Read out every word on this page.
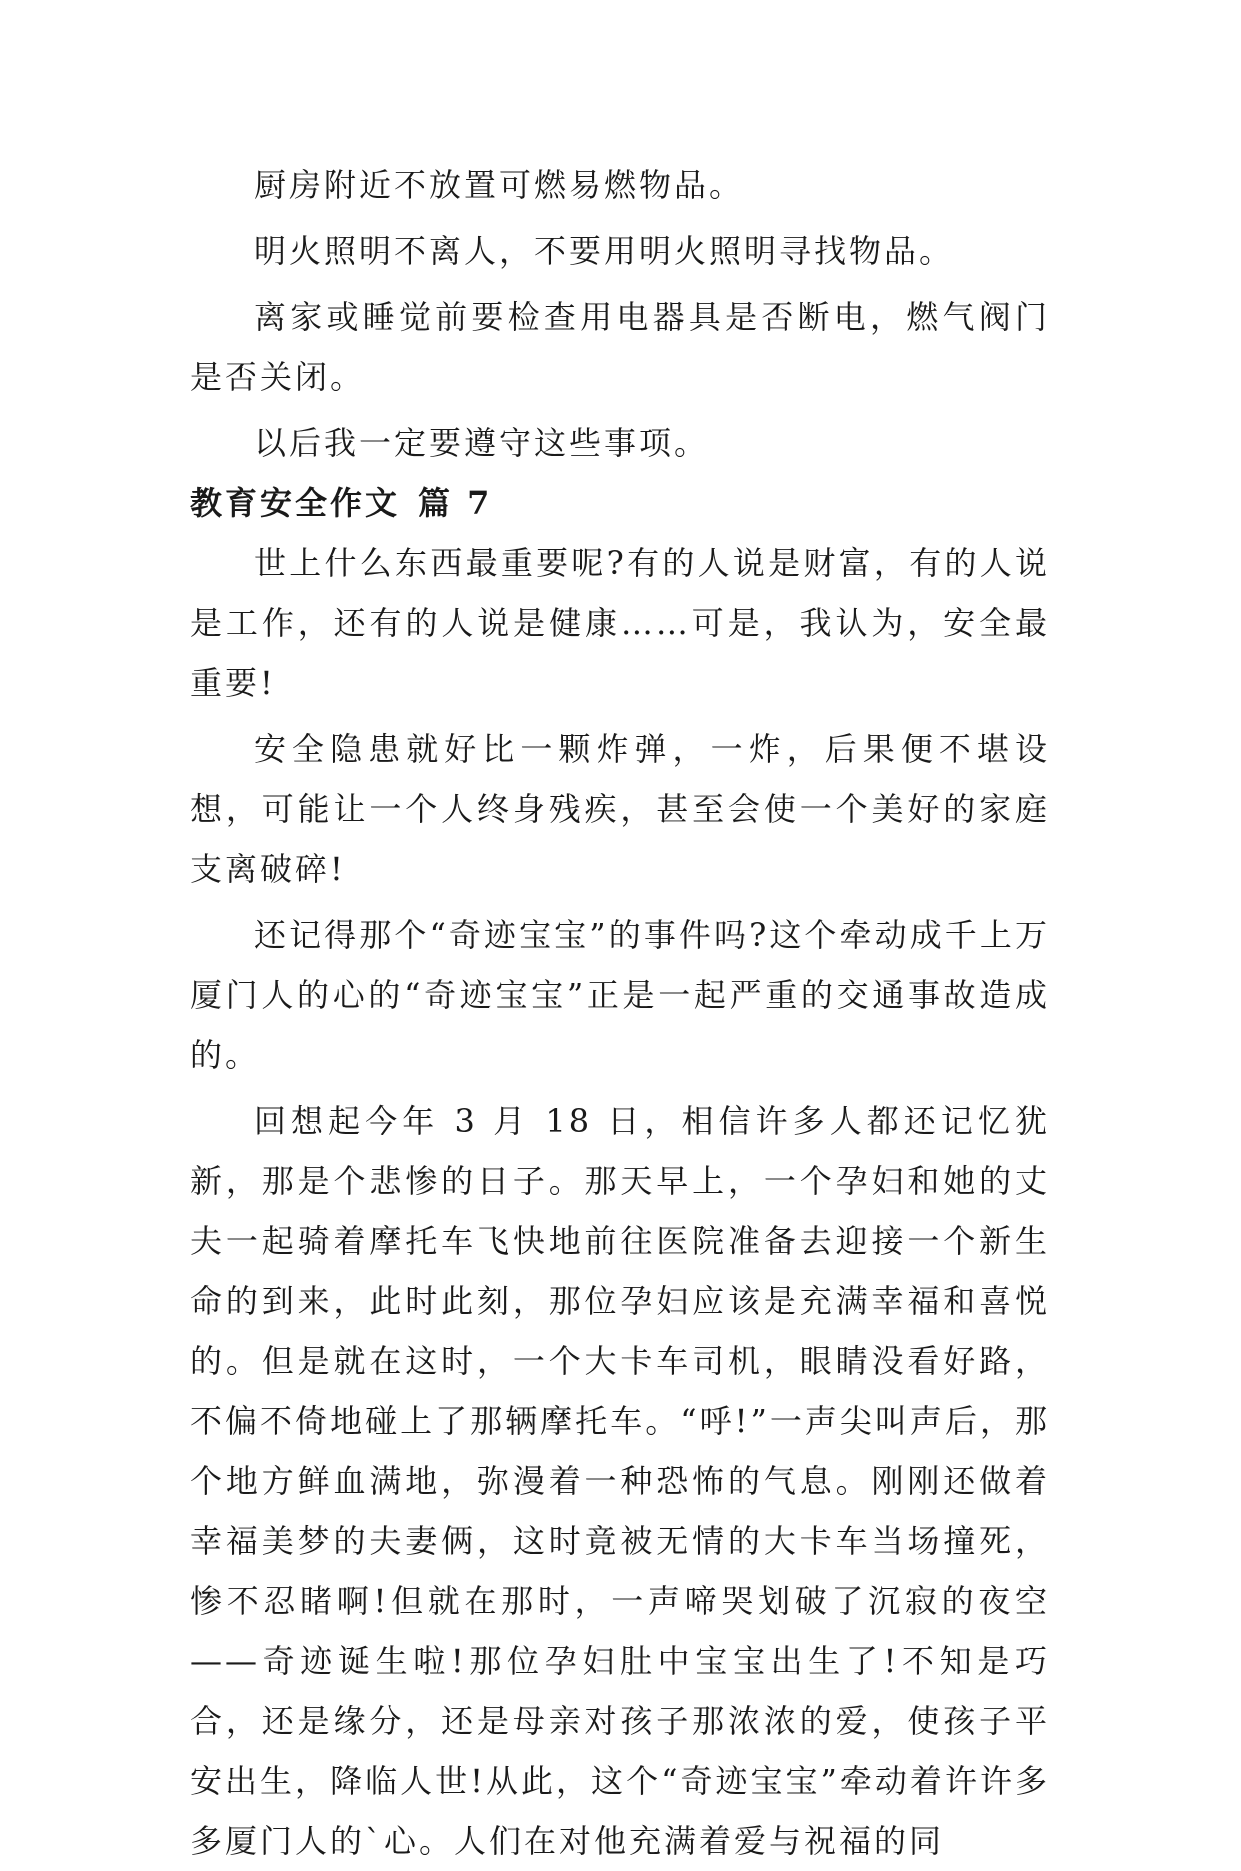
厨房附近不放置可燃易燃物品。

明火照明不离人，不要用明火照明寻找物品。

离家或睡觉前要检查用电器具是否断电，燃气阀门是否关闭。

以后我一定要遵守这些事项。

教育安全作文 篇 7

世上什么东西最重要呢?有的人说是财富，有的人说是工作，还有的人说是健康……可是，我认为，安全最重要!

安全隐患就好比一颗炸弹，一炸，后果便不堪设想，可能让一个人终身残疾，甚至会使一个美好的家庭支离破碎!

还记得那个“奇迹宝宝”的事件吗?这个牵动成千上万厦门人的心的“奇迹宝宝”正是一起严重的交通事故造成的。

回想起今年 3 月 18 日，相信许多人都还记忆犹新，那是个悲惨的日子。那天早上，一个孕妇和她的丈夫一起骑着摩托车飞快地前往医院准备去迎接一个新生命的到来，此时此刻，那位孕妇应该是充满幸福和喜悦的。但是就在这时，一个大卡车司机，眼睛没看好路，不偏不倚地碰上了那辆摩托车。“呼!”一声尖叫声后，那个地方鲜血满地，弥漫着一种恐怖的气息。刚刚还做着幸福美梦的夫妻俩，这时竟被无情的大卡车当场撞死，惨不忍睹啊!但就在那时，一声啼哭划破了沉寂的夜空——奇迹诞生啦!那位孕妇肚中宝宝出生了!不知是巧合，还是缘分，还是母亲对孩子那浓浓的爱，使孩子平安出生，降临人世!从此，这个“奇迹宝宝”牵动着许许多多厦门人的`心。人们在对他充满着爱与祝福的同
